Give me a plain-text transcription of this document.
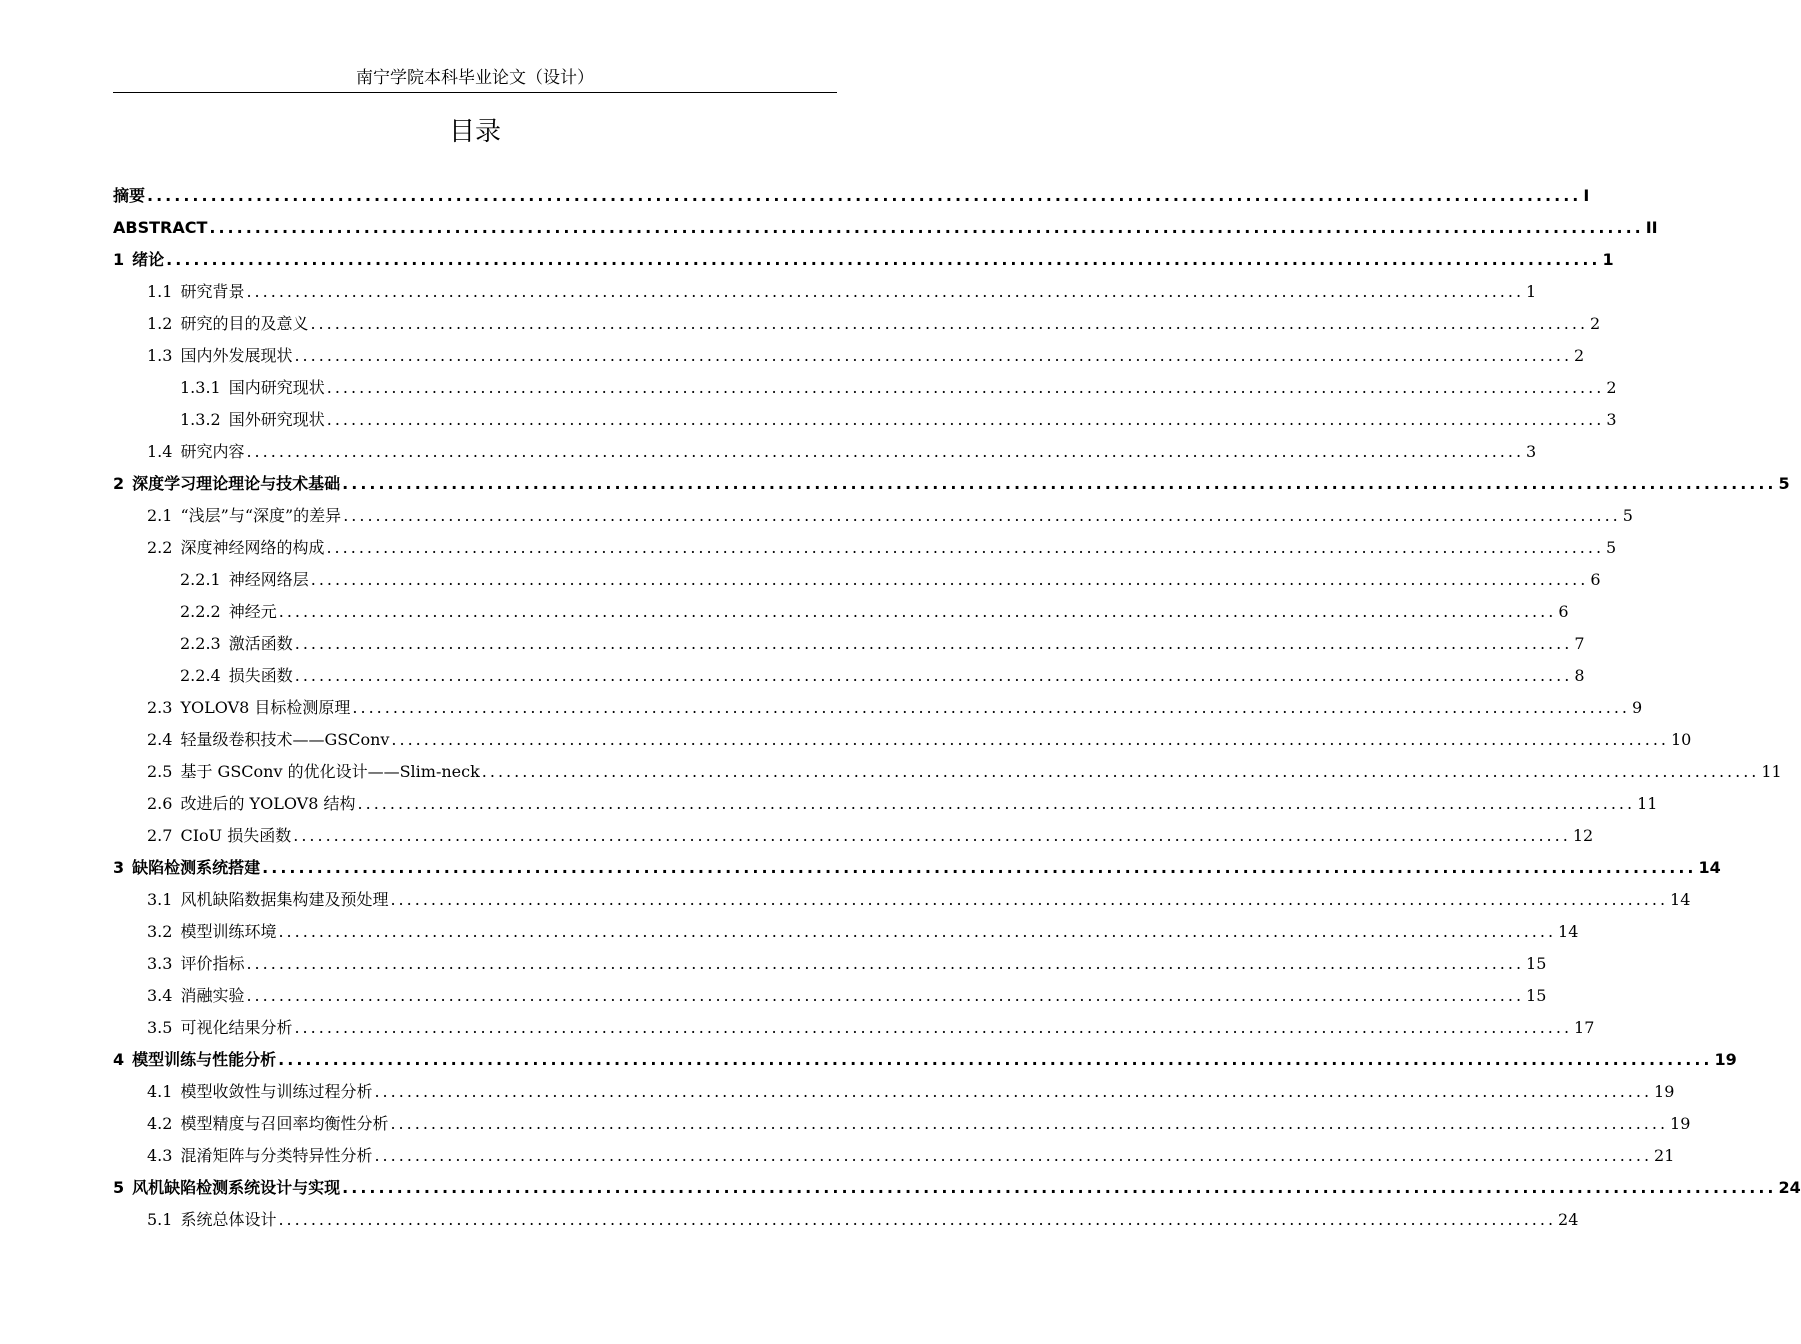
南宁学院本科毕业论文（设计）
目录
摘要 .............................................................................................................................................................. I
ABSTRACT .............................................................................................................................................................. II
1 绪论 .............................................................................................................................................................. 1
1.1 研究背景 .............................................................................................................................................................. 1
1.2 研究的目的及意义 .............................................................................................................................................................. 2
1.3 国内外发展现状 .............................................................................................................................................................. 2
1.3.1 国内研究现状 .............................................................................................................................................................. 2
1.3.2 国外研究现状 .............................................................................................................................................................. 3
1.4 研究内容 .............................................................................................................................................................. 3
2 深度学习理论理论与技术基础 .............................................................................................................................................................. 5
2.1 “浅层”与“深度”的差异 .............................................................................................................................................................. 5
2.2 深度神经网络的构成 .............................................................................................................................................................. 5
2.2.1 神经网络层 .............................................................................................................................................................. 6
2.2.2 神经元 .............................................................................................................................................................. 6
2.2.3 激活函数 .............................................................................................................................................................. 7
2.2.4 损失函数 .............................................................................................................................................................. 8
2.3 YOLOV8 目标检测原理 .............................................................................................................................................................. 9
2.4 轻量级卷积技术——GSConv .............................................................................................................................................................. 10
2.5 基于 GSConv 的优化设计——Slim-neck .............................................................................................................................................................. 11
2.6 改进后的 YOLOV8 结构 .............................................................................................................................................................. 11
2.7 CIoU 损失函数 .............................................................................................................................................................. 12
3 缺陷检测系统搭建 .............................................................................................................................................................. 14
3.1 风机缺陷数据集构建及预处理 .............................................................................................................................................................. 14
3.2 模型训练环境 .............................................................................................................................................................. 14
3.3 评价指标 .............................................................................................................................................................. 15
3.4 消融实验 .............................................................................................................................................................. 15
3.5 可视化结果分析 .............................................................................................................................................................. 17
4 模型训练与性能分析 .............................................................................................................................................................. 19
4.1 模型收敛性与训练过程分析 .............................................................................................................................................................. 19
4.2 模型精度与召回率均衡性分析 .............................................................................................................................................................. 19
4.3 混淆矩阵与分类特异性分析 .............................................................................................................................................................. 21
5 风机缺陷检测系统设计与实现 .............................................................................................................................................................. 24
5.1 系统总体设计 .............................................................................................................................................................. 24
